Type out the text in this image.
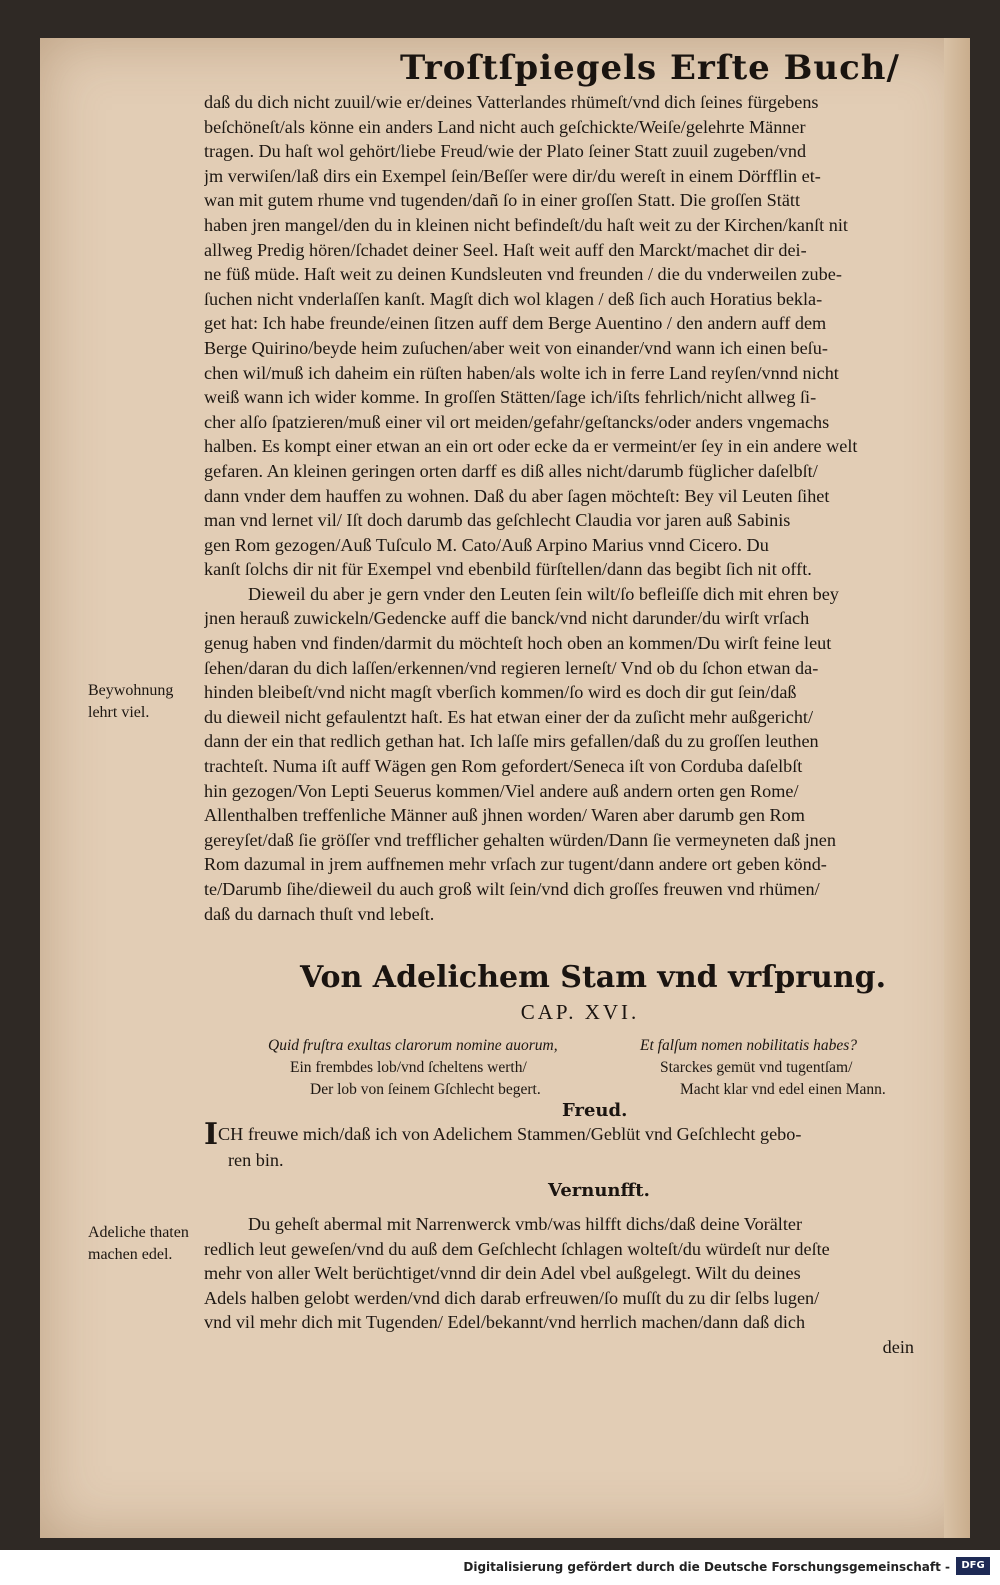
Troſtſpiegels Erſte Buch/
daß du dich nicht zuuil/wie er/deines Vatterlandes rhümeſt/vnd dich ſeines fürgebens
beſchöneſt/als könne ein anders Land nicht auch geſchickte/Weiſe/gelehrte Männer
tragen. Du haſt wol gehört/liebe Freud/wie der Plato ſeiner Statt zuuil zugeben/vnd
jm verwiſen/laß dirs ein Exempel ſein/Beſſer were dir/du wereſt in einem Dörfflin et-
wan mit gutem rhume vnd tugenden/dañ ſo in einer groſſen Statt. Die groſſen Stätt
haben jren mangel/den du in kleinen nicht befindeſt/du haſt weit zu der Kirchen/kanſt nit
allweg Predig hören/ſchadet deiner Seel. Haſt weit auff den Marckt/machet dir dei-
ne füß müde. Haſt weit zu deinen Kundsleuten vnd freunden / die du vnderweilen zube-
ſuchen nicht vnderlaſſen kanſt. Magſt dich wol klagen / deß ſich auch Horatius bekla-
get hat: Ich habe freunde/einen ſitzen auff dem Berge Auentino / den andern auff dem
Berge Quirino/beyde heim zuſuchen/aber weit von einander/vnd wann ich einen beſu-
chen wil/muß ich daheim ein rüſten haben/als wolte ich in ferre Land reyſen/vnnd nicht
weiß wann ich wider komme. In groſſen Stätten/ſage ich/iſts fehrlich/nicht allweg ſi-
cher alſo ſpatzieren/muß einer vil ort meiden/gefahr/geſtancks/oder anders vngemachs
halben. Es kompt einer etwan an ein ort oder ecke da er vermeint/er ſey in ein andere welt
gefaren. An kleinen geringen orten darff es diß alles nicht/darumb füglicher daſelbſt/
dann vnder dem hauffen zu wohnen. Daß du aber ſagen möchteſt: Bey vil Leuten ſihet
man vnd lernet vil/ Iſt doch darumb das geſchlecht Claudia vor jaren auß Sabinis
gen Rom gezogen/Auß Tuſculo M. Cato/Auß Arpino Marius vnnd Cicero. Du
kanſt ſolchs dir nit für Exempel vnd ebenbild fürſtellen/dann das begibt ſich nit offt.
Dieweil du aber je gern vnder den Leuten ſein wilt/ſo befleiſſe dich mit ehren bey
jnen herauß zuwickeln/Gedencke auff die banck/vnd nicht darunder/du wirſt vrſach
genug haben vnd finden/darmit du möchteſt hoch oben an kommen/Du wirſt feine leut
ſehen/daran du dich laſſen/erkennen/vnd regieren lerneſt/ Vnd ob du ſchon etwan da-
hinden bleibeſt/vnd nicht magſt vberſich kommen/ſo wird es doch dir gut ſein/daß
du dieweil nicht gefaulentzt haſt. Es hat etwan einer der da zuſicht mehr außgericht/
dann der ein that redlich gethan hat. Ich laſſe mirs gefallen/daß du zu groſſen leuthen
trachteſt. Numa iſt auff Wägen gen Rom gefordert/Seneca iſt von Corduba daſelbſt
hin gezogen/Von Lepti Seuerus kommen/Viel andere auß andern orten gen Rome/
Allenthalben treffenliche Männer auß jhnen worden/ Waren aber darumb gen Rom
gereyſet/daß ſie gröſſer vnd trefflicher gehalten würden/Dann ſie vermeyneten daß jnen
Rom dazumal in jrem auffnemen mehr vrſach zur tugent/dann andere ort geben könd-
te/Darumb ſihe/dieweil du auch groß wilt ſein/vnd dich groſſes freuwen vnd rhümen/
daß du darnach thuſt vnd lebeſt.
Beywohnung
lehrt viel.
Von Adelichem Stam vnd vrſprung.
CAP. XVI.
Quid fruſtra exultas clarorum nomine auorum,	Et falſum nomen nobilitatis habes?
Ein frembdes lob/vnd ſcheltens werth/	Starckes gemüt vnd tugentſam/
Der lob von ſeinem Gſchlecht begert.	Macht klar vnd edel einen Mann.
Freud.
ICH freuwe mich/daß ich von Adelichem Stammen/Geblüt vnd Geſchlecht gebo-
ren bin.
Vernunfft.
Du geheſt abermal mit Narrenwerck vmb/was hilfft dichs/daß deine Vorälter
redlich leut geweſen/vnd du auß dem Geſchlecht ſchlagen wolteſt/du würdeſt nur deſte
mehr von aller Welt berüchtiget/vnnd dir dein Adel vbel außgelegt. Wilt du deines
Adels halben gelobt werden/vnd dich darab erfreuwen/ſo muſſt du zu dir ſelbs lugen/
vnd vil mehr dich mit Tugenden/ Edel/bekannt/vnd herrlich machen/dann daß dich
dein
Adeliche thaten
machen edel.
Digitalisierung gefördert durch die Deutsche Forschungsgemeinschaft -	DFG
